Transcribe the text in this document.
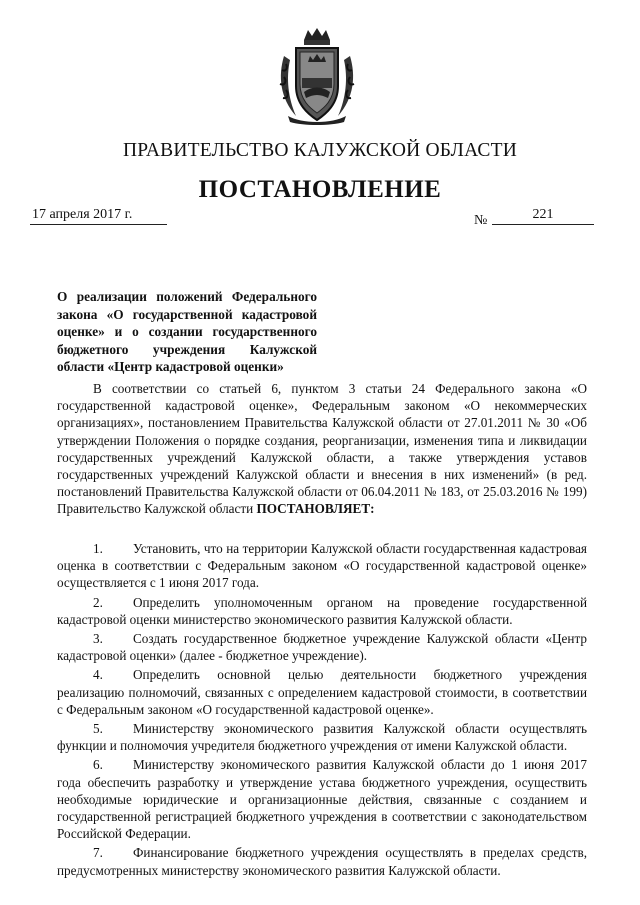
ПРАВИТЕЛЬСТВО КАЛУЖСКОЙ ОБЛАСТИ
ПОСТАНОВЛЕНИЕ
17 апреля 2017 г.	№	221
О реализации положений Федерального закона «О государственной кадастровой оценке» и о создании государственного бюджетного учреждения Калужской области «Центр кадастровой оценки»

В соответствии со статьей 6, пунктом 3 статьи 24 Федерального закона «О государственной кадастровой оценке», Федеральным законом «О некоммерческих организациях», постановлением Правительства Калужской области от 27.01.2011 № 30 «Об утверждении Положения о порядке создания, реорганизации, изменения типа и ликвидации государственных учреждений Калужской области, а также утверждения уставов государственных учреждений Калужской области и внесения в них изменений» (в ред. постановлений Правительства Калужской области от 06.04.2011 № 183, от 25.03.2016 № 199) Правительство Калужской области ПОСТАНОВЛЯЕТ:

1. Установить, что на территории Калужской области государственная кадастровая оценка в соответствии с Федеральным законом «О государственной кадастровой оценке» осуществляется с 1 июня 2017 года.

2. Определить уполномоченным органом на проведение государственной кадастровой оценки министерство экономического развития Калужской области.

3. Создать государственное бюджетное учреждение Калужской области «Центр кадастровой оценки» (далее - бюджетное учреждение).

4. Определить основной целью деятельности бюджетного учреждения реализацию полномочий, связанных с определением кадастровой стоимости, в соответствии с Федеральным законом «О государственной кадастровой оценке».

5. Министерству экономического развития Калужской области осуществлять функции и полномочия учредителя бюджетного учреждения от имени Калужской области.

6. Министерству экономического развития Калужской области до 1 июня 2017 года обеспечить разработку и утверждение устава бюджетного учреждения, осуществить необходимые юридические и организационные действия, связанные с созданием и государственной регистрацией бюджетного учреждения в соответствии с законодательством Российской Федерации.

7. Финансирование бюджетного учреждения осуществлять в пределах средств, предусмотренных министерству экономического развития Калужской области.
